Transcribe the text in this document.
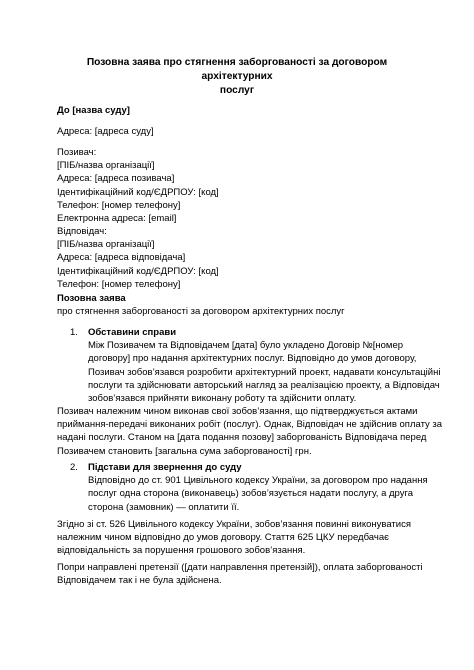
Позовна заява про стягнення заборгованості за договором архітектурних
послуг
До [назва суду]
Адреса: [адреса суду]
Позивач:
[ПІБ/назва організації]
Адреса: [адреса позивача]
Ідентифікаційний код/ЄДРПОУ: [код]
Телефон: [номер телефону]
Електронна адреса: [email]
Відповідач:
[ПІБ/назва організації]
Адреса: [адреса відповідача]
Ідентифікаційний код/ЄДРПОУ: [код]
Телефон: [номер телефону]
Позовна заява
про стягнення заборгованості за договором архітектурних послуг
1. Обставини справи
Між Позивачем та Відповідачем [дата] було укладено Договір №[номер
договору] про надання архітектурних послуг. Відповідно до умов договору,
Позивач зобов’язався розробити архітектурний проект, надавати консультаційні
послуги та здійснювати авторський нагляд за реалізацією проекту, а Відповідач
зобов’язався прийняти виконану роботу та здійснити оплату.
Позивач належним чином виконав свої зобов’язання, що підтверджується актами
приймання-передачі виконаних робіт (послуг). Однак, Відповідач не здійснив оплату за
надані послуги. Станом на [дата подання позову] заборгованість Відповідача перед
Позивачем становить [загальна сума заборгованості] грн.
2. Підстави для звернення до суду
Відповідно до ст. 901 Цивільного кодексу України, за договором про надання
послуг одна сторона (виконавець) зобов’язується надати послугу, а друга
сторона (замовник) — оплатити її.
Згідно зі ст. 526 Цивільного кодексу України, зобов’язання повинні виконуватися
належним чином відповідно до умов договору. Стаття 625 ЦКУ передбачає
відповідальність за порушення грошового зобов’язання.
Попри направлені претензії ([дати направлення претензій]), оплата заборгованості
Відповідачем так і не була здійснена.
